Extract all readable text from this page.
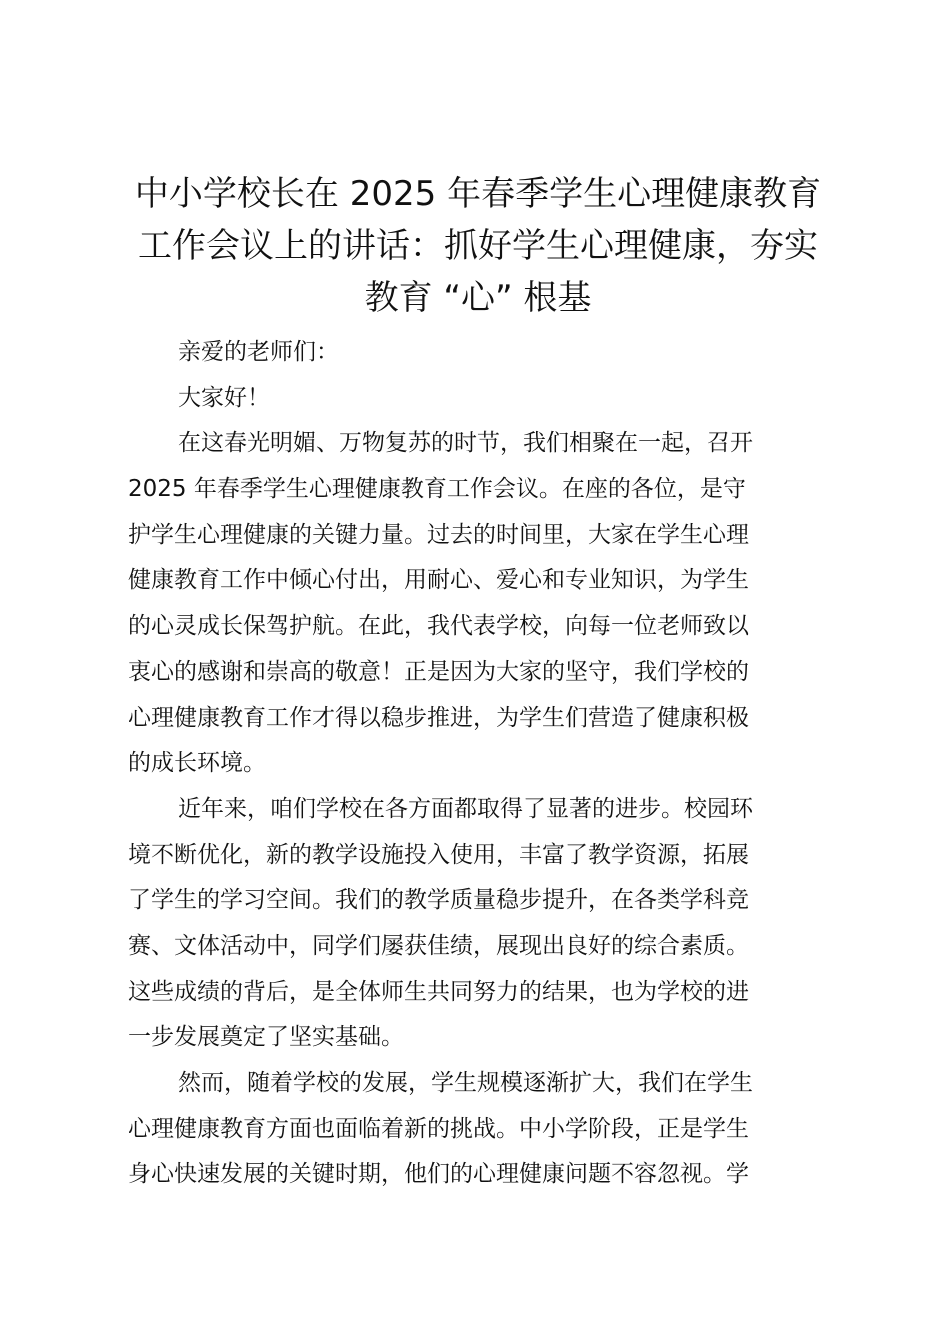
中小学校长在 2025 年春季学生心理健康教育
工作会议上的讲话：抓好学生心理健康，夯实
教育 “心” 根基
亲爱的老师们：
大家好！
在这春光明媚、万物复苏的时节，我们相聚在一起，召开
2025 年春季学生心理健康教育工作会议。在座的各位，是守
护学生心理健康的关键力量。过去的时间里，大家在学生心理
健康教育工作中倾心付出，用耐心、爱心和专业知识，为学生
的心灵成长保驾护航。在此，我代表学校，向每一位老师致以
衷心的感谢和崇高的敬意！正是因为大家的坚守，我们学校的
心理健康教育工作才得以稳步推进，为学生们营造了健康积极
的成长环境。
近年来，咱们学校在各方面都取得了显著的进步。校园环
境不断优化，新的教学设施投入使用，丰富了教学资源，拓展
了学生的学习空间。我们的教学质量稳步提升，在各类学科竞
赛、文体活动中，同学们屡获佳绩，展现出良好的综合素质。
这些成绩的背后，是全体师生共同努力的结果，也为学校的进
一步发展奠定了坚实基础。
然而，随着学校的发展，学生规模逐渐扩大，我们在学生
心理健康教育方面也面临着新的挑战。中小学阶段，正是学生
身心快速发展的关键时期，他们的心理健康问题不容忽视。学
